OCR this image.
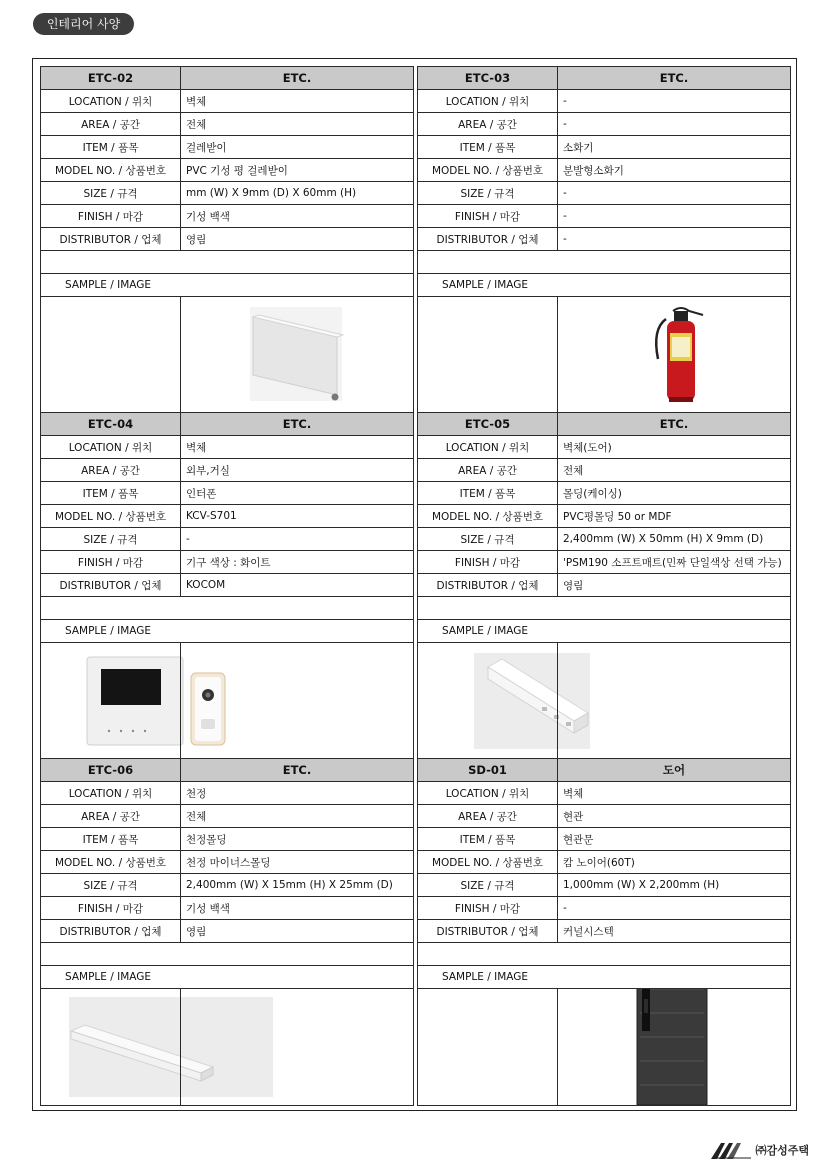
인테리어 사양
ETC-02	ETC.
LOCATION / 위치	벽체
AREA / 공간	전체
ITEM / 품목	걸레받이
MODEL NO. / 상품번호	PVC 기성 평 걸레받이
SIZE / 규격	mm (W) X 9mm (D) X 60mm (H)
FINISH / 마감	기성 백색
DISTRIBUTOR / 업체	영림

SAMPLE / IMAGE	

ETC-03	ETC.
LOCATION / 위치	-
AREA / 공간	-
ITEM / 품목	소화기
MODEL NO. / 상품번호	분발형소화기
SIZE / 규격	-
FINISH / 마감	-
DISTRIBUTOR / 업체	-

SAMPLE / IMAGE	

ETC-04	ETC.
LOCATION / 위치	벽체
AREA / 공간	외부,거실
ITEM / 품목	인터폰
MODEL NO. / 상품번호	KCV-S701
SIZE / 규격	-
FINISH / 마감	기구 색상 : 화이트
DISTRIBUTOR / 업체	KOCOM

SAMPLE / IMAGE	

ETC-05	ETC.
LOCATION / 위치	벽체(도어)
AREA / 공간	전체
ITEM / 품목	몰딩(케이싱)
MODEL NO. / 상품번호	PVC평몰딩 50 or MDF
SIZE / 규격	2,400mm (W) X 50mm (H) X 9mm (D)
FINISH / 마감	'PSM190 소프트매트(민짜 단일색상 선택 가능)
DISTRIBUTOR / 업체	영림

SAMPLE / IMAGE	

ETC-06	ETC.
LOCATION / 위치	천정
AREA / 공간	전체
ITEM / 품목	천정몰딩
MODEL NO. / 상품번호	천정 마이너스몰딩
SIZE / 규격	2,400mm (W) X 15mm (H) X 25mm (D)
FINISH / 마감	기성 백색
DISTRIBUTOR / 업체	영림

SAMPLE / IMAGE	

SD-01	도어
LOCATION / 위치	벽체
AREA / 공간	현관
ITEM / 품목	현관문
MODEL NO. / 상품번호	캄 노이어(60T)
SIZE / 규격	1,000mm (W) X 2,200mm (H)
FINISH / 마감	-
DISTRIBUTOR / 업체	커널시스텍

SAMPLE / IMAGE	

㈜감성주택
